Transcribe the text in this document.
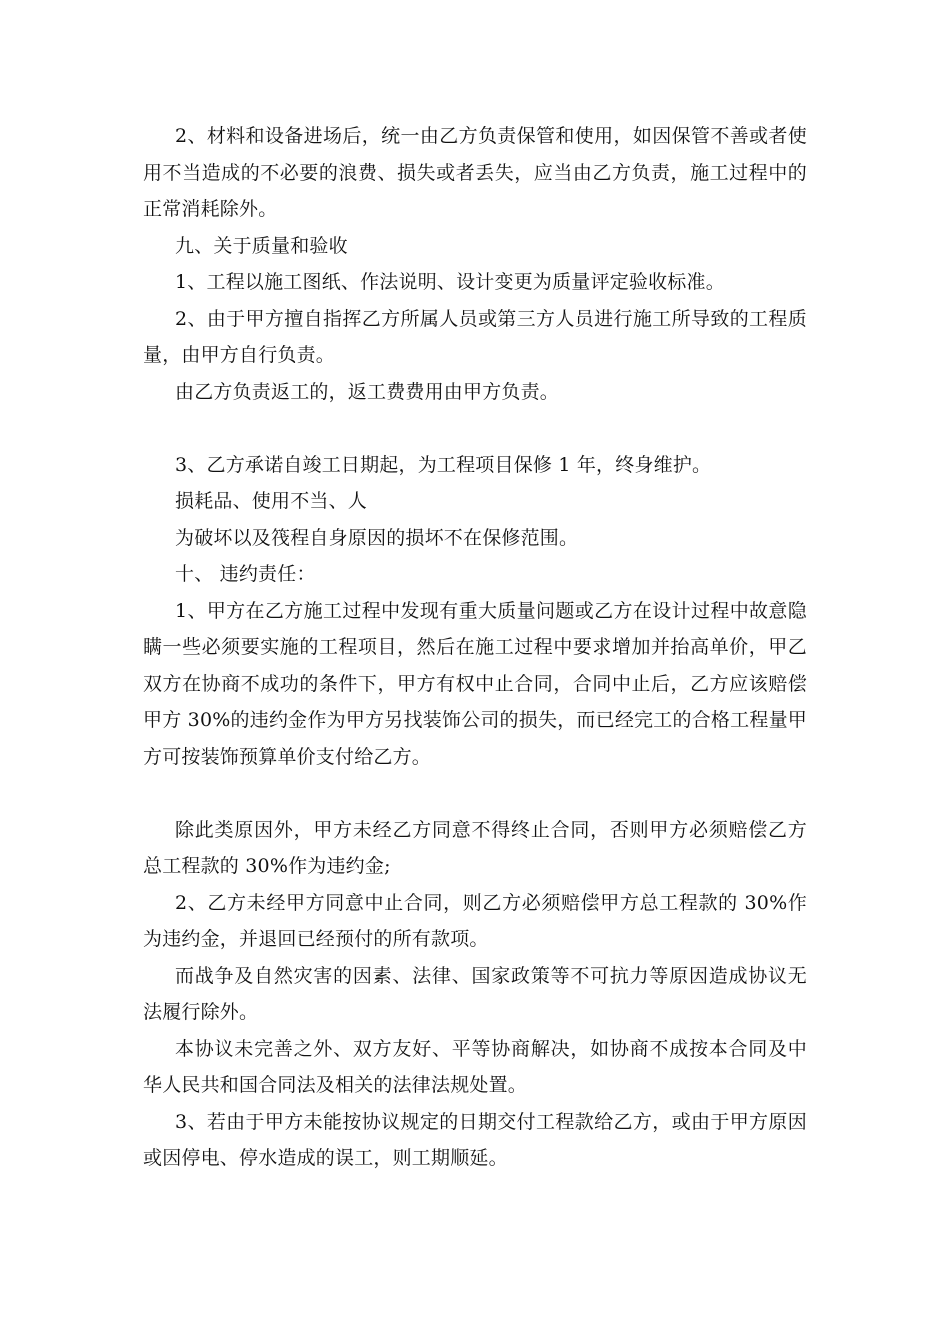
2、材料和设备进场后，统一由乙方负责保管和使用，如因保管不善或者使用不当造成的不必要的浪费、损失或者丢失，应当由乙方负责，施工过程中的正常消耗除外。

九、关于质量和验收

1、工程以施工图纸、作法说明、设计变更为质量评定验收标准。

2、由于甲方擅自指挥乙方所属人员或第三方人员进行施工所导致的工程质量，由甲方自行负责。

由乙方负责返工的，返工费费用由甲方负责。

3、乙方承诺自竣工日期起，为工程项目保修 1 年，终身维护。

损耗品、使用不当、人

为破坏以及筏程自身原因的损坏不在保修范围。

十、 违约责任：

1、甲方在乙方施工过程中发现有重大质量问题或乙方在设计过程中故意隐瞒一些必须要实施的工程项目，然后在施工过程中要求增加并抬高单价，甲乙双方在协商不成功的条件下，甲方有权中止合同，合同中止后，乙方应该赔偿甲方 30%的违约金作为甲方另找装饰公司的损失，而已经完工的合格工程量甲方可按装饰预算单价支付给乙方。

除此类原因外，甲方未经乙方同意不得终止合同，否则甲方必须赔偿乙方总工程款的 30%作为违约金;

2、乙方未经甲方同意中止合同，则乙方必须赔偿甲方总工程款的 30%作为违约金，并退回已经预付的所有款项。

而战争及自然灾害的因素、法律、国家政策等不可抗力等原因造成协议无法履行除外。

本协议未完善之外、双方友好、平等协商解决，如协商不成按本合同及中华人民共和国合同法及相关的法律法规处置。

3、若由于甲方未能按协议规定的日期交付工程款给乙方，或由于甲方原因或因停电、停水造成的误工，则工期顺延。
